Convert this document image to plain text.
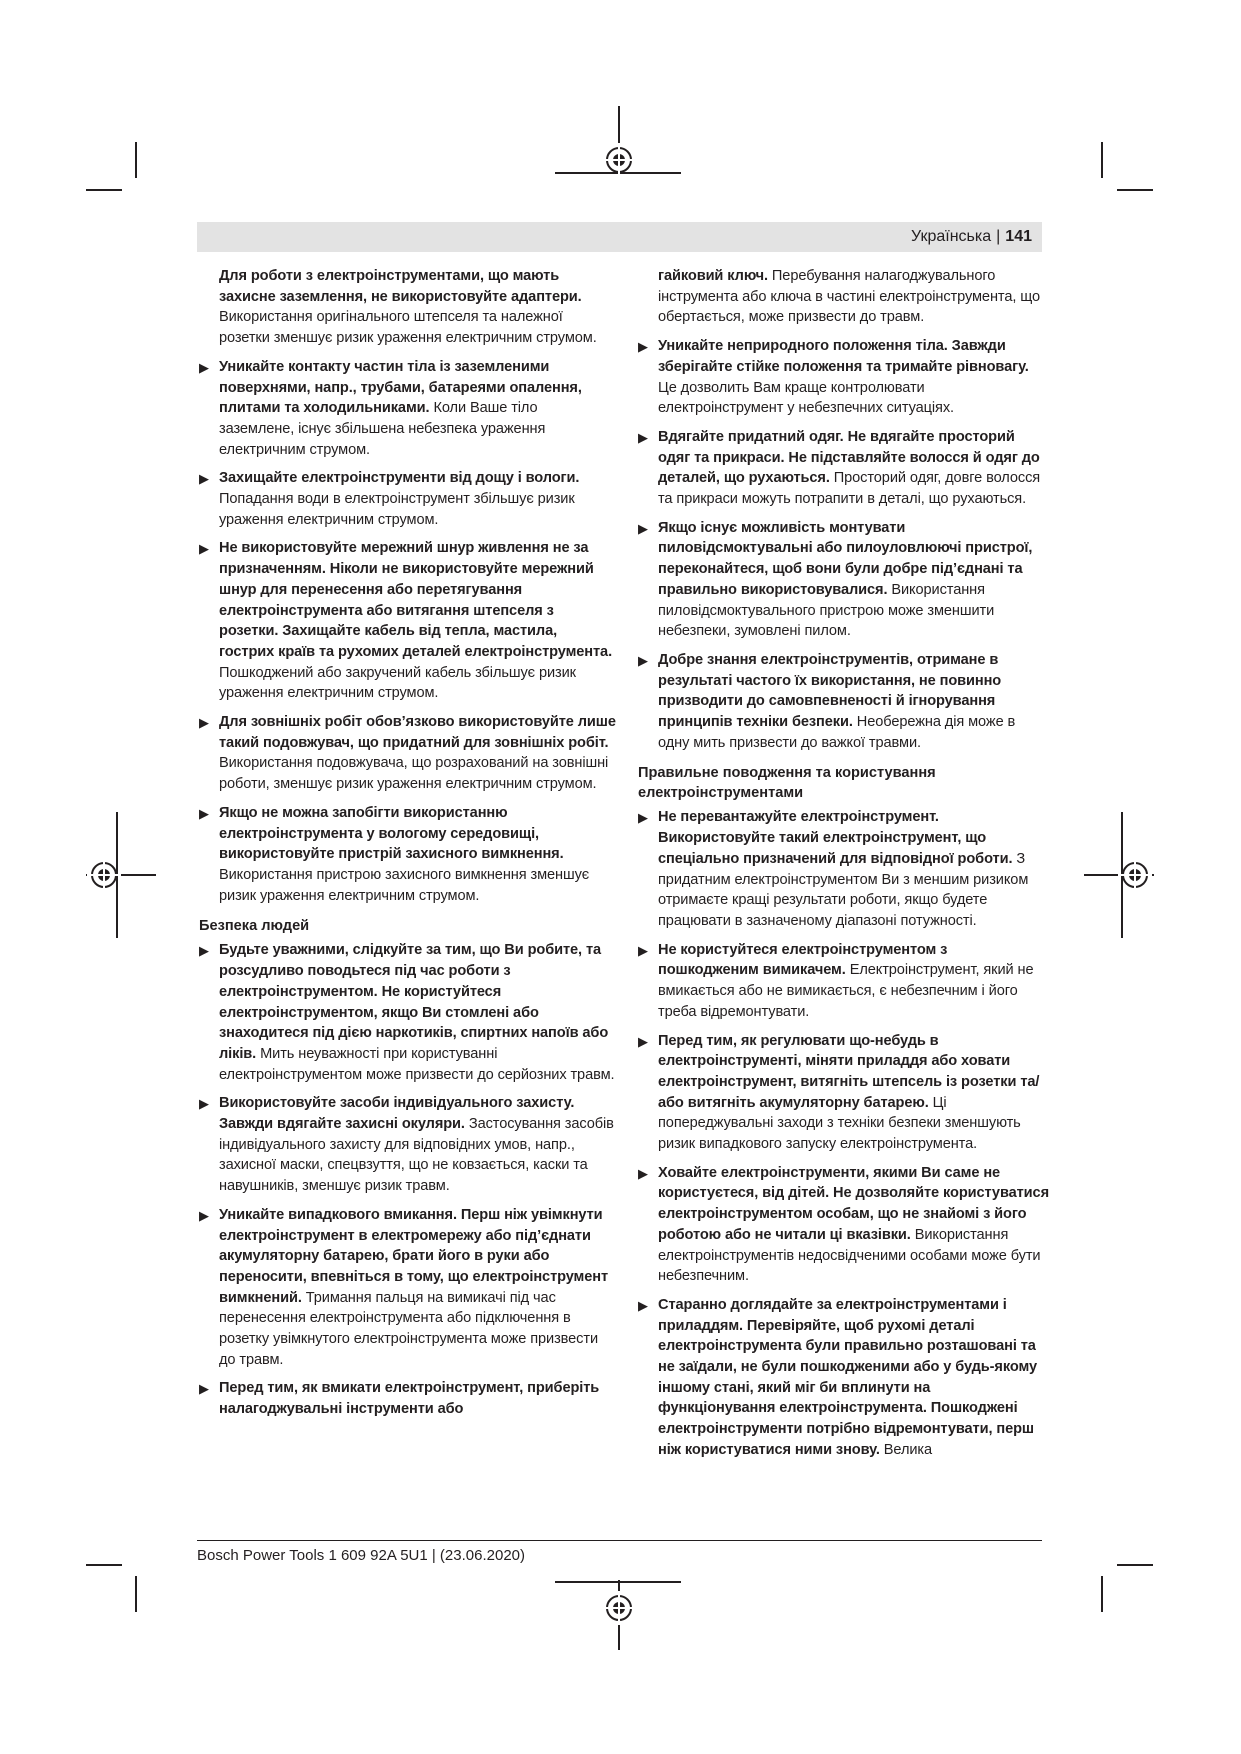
Українська | 141
Для роботи з електроінструментами, що мають захисне заземлення, не використовуйте адаптери. Використання оригінального штепселя та належної розетки зменшує ризик ураження електричним струмом.
▶ Уникайте контакту частин тіла із заземленими поверхнями, напр., трубами, батареями опалення, плитами та холодильниками. Коли Ваше тіло заземлене, існує збільшена небезпека ураження електричним струмом.
▶ Захищайте електроінструменти від дощу і вологи. Попадання води в електроінструмент збільшує ризик ураження електричним струмом.
▶ Не використовуйте мережний шнур живлення не за призначенням. Ніколи не використовуйте мережний шнур для перенесення або перетягування електроінструмента або витягання штепселя з розетки. Захищайте кабель від тепла, мастила, гострих країв та рухомих деталей електроінструмента. Пошкоджений або закручений кабель збільшує ризик ураження електричним струмом.
▶ Для зовнішніх робіт обов’язково використовуйте лише такий подовжувач, що придатний для зовнішніх робіт. Використання подовжувача, що розрахований на зовнішні роботи, зменшує ризик ураження електричним струмом.
▶ Якщо не можна запобігти використанню електроінструмента у вологому середовищі, використовуйте пристрій захисного вимкнення. Використання пристрою захисного вимкнення зменшує ризик ураження електричним струмом.
Безпека людей
▶ Будьте уважними, слідкуйте за тим, що Ви робите, та розсудливо поводьтеся під час роботи з електроінструментом. Не користуйтеся електроінструментом, якщо Ви стомлені або знаходитеся під дією наркотиків, спиртних напоїв або ліків. Мить неуважності при користуванні електроінструментом може призвести до серйозних травм.
▶ Використовуйте засоби індивідуального захисту. Завжди вдягайте захисні окуляри. Застосування засобів індивідуального захисту для відповідних умов, напр., захисної маски, спецвзуття, що не ковзається, каски та навушників, зменшує ризик травм.
▶ Уникайте випадкового вмикання. Перш ніж увімкнути електроінструмент в електромережу або під’єднати акумуляторну батарею, брати його в руки або переносити, впевніться в тому, що електроінструмент вимкнений. Тримання пальця на вимикачі під час перенесення електроінструмента або підключення в розетку увімкнутого електроінструмента може призвести до травм.
▶ Перед тим, як вмикати електроінструмент, приберіть налагоджувальні інструменти або
гайковий ключ. Перебування налагоджувального інструмента або ключа в частині електроінструмента, що обертається, може призвести до травм.
▶ Уникайте неприродного положення тіла. Завжди зберігайте стійке положення та тримайте рівновагу. Це дозволить Вам краще контролювати електроінструмент у небезпечних ситуаціях.
▶ Вдягайте придатний одяг. Не вдягайте просторий одяг та прикраси. Не підставляйте волосся й одяг до деталей, що рухаються. Просторий одяг, довге волосся та прикраси можуть потрапити в деталі, що рухаються.
▶ Якщо існує можливість монтувати пиловідсмоктувальні або пилоуловлюючі пристрої, переконайтеся, щоб вони були добре під’єднані та правильно використовувалися. Використання пиловідсмоктувального пристрою може зменшити небезпеки, зумовлені пилом.
▶ Добре знання електроінструментів, отримане в результаті частого їх використання, не повинно призводити до самовпевненості й ігнорування принципів техніки безпеки. Необережна дія може в одну мить призвести до важкої травми.
Правильне поводження та користування електроінструментами
▶ Не перевантажуйте електроінструмент. Використовуйте такий електроінструмент, що спеціально призначений для відповідної роботи. З придатним електроінструментом Ви з меншим ризиком отримаєте кращі результати роботи, якщо будете працювати в зазначеному діапазоні потужності.
▶ Не користуйтеся електроінструментом з пошкодженим вимикачем. Електроінструмент, який не вмикається або не вимикається, є небезпечним і його треба відремонтувати.
▶ Перед тим, як регулювати що-небудь в електроінструменті, міняти приладдя або ховати електроінструмент, витягніть штепсель із розетки та/або витягніть акумуляторну батарею. Ці попереджувальні заходи з техніки безпеки зменшують ризик випадкового запуску електроінструмента.
▶ Ховайте електроінструменти, якими Ви саме не користуєтеся, від дітей. Не дозволяйте користуватися електроінструментом особам, що не знайомі з його роботою або не читали ці вказівки. Використання електроінструментів недосвідченими особами може бути небезпечним.
▶ Старанно доглядайте за електроінструментами і приладдям. Перевіряйте, щоб рухомі деталі електроінструмента були правильно розташовані та не заїдали, не були пошкодженими або у будь-якому іншому стані, який міг би вплинути на функціонування електроінструмента. Пошкоджені електроінструменти потрібно відремонтувати, перш ніж користуватися ними знову. Велика
Bosch Power Tools 1 609 92A 5U1 | (23.06.2020)
